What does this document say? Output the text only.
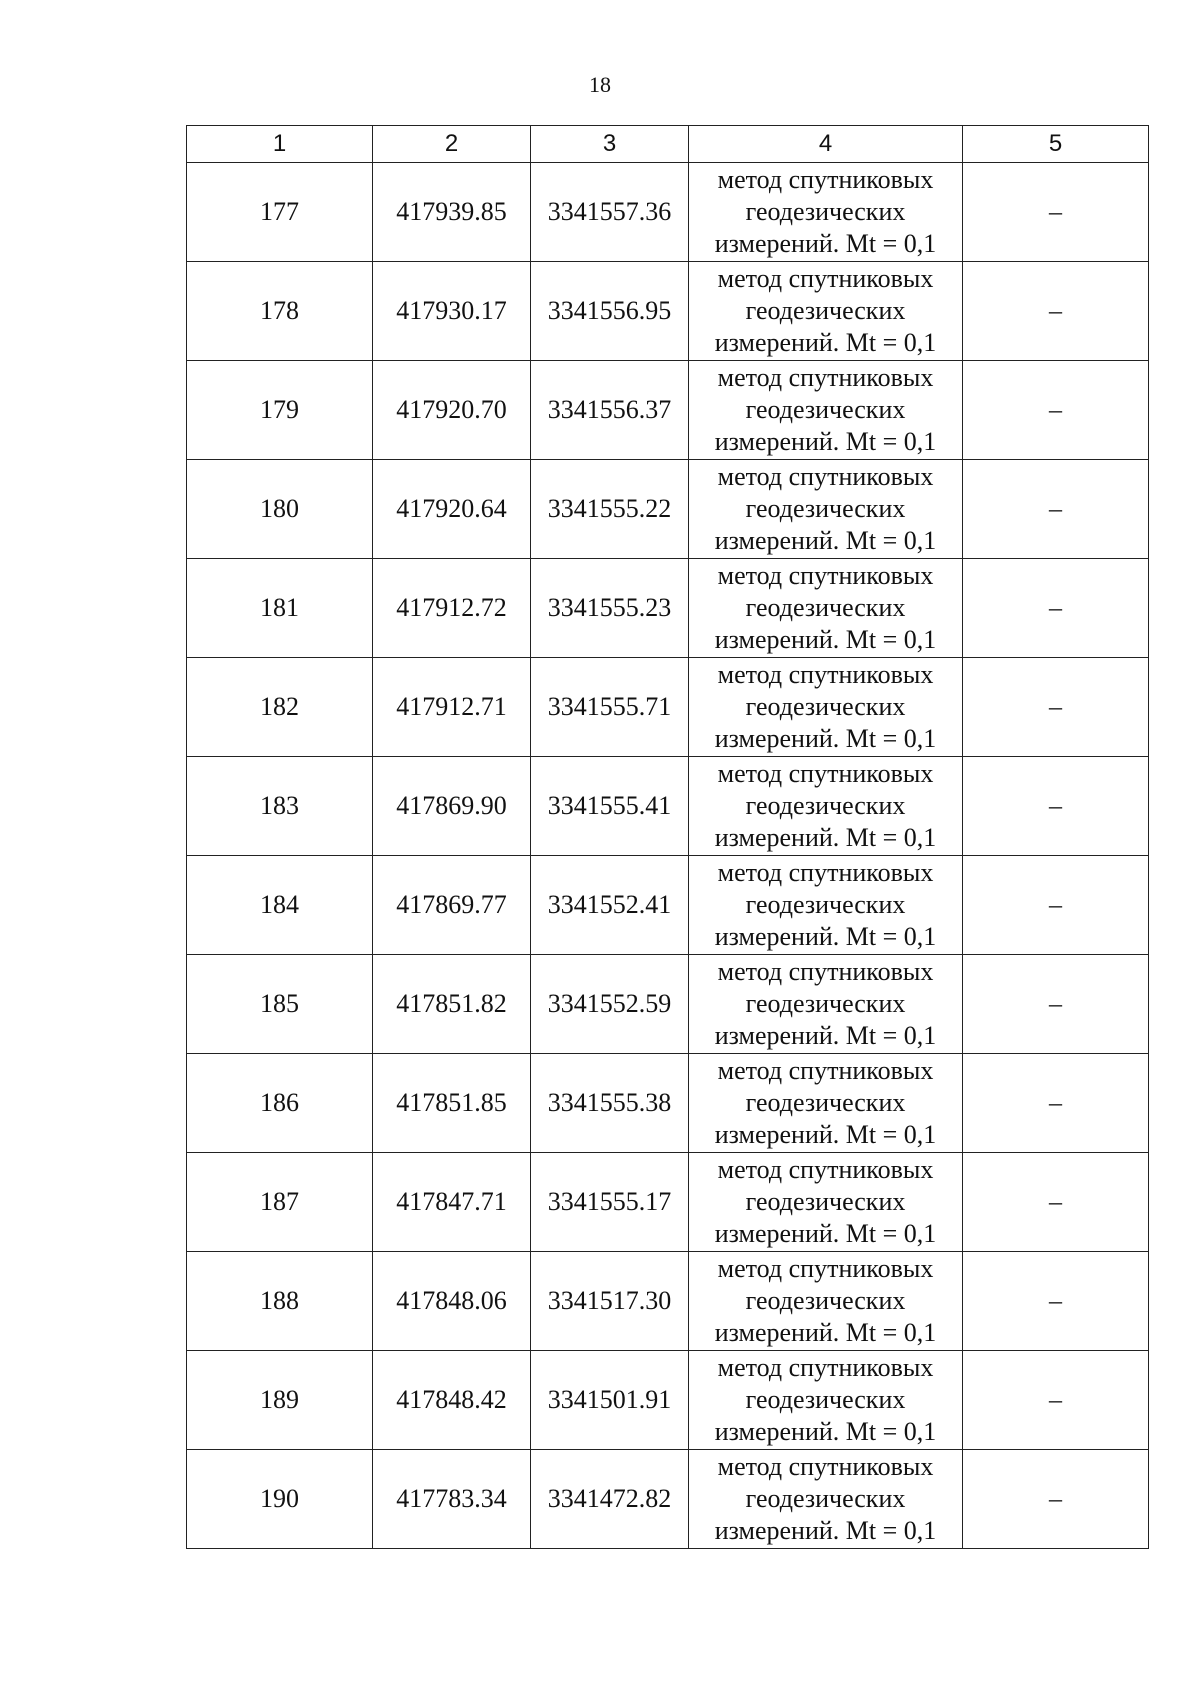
18
1	2	3	4	5
177	417939.85	3341557.36	метод спутниковых
геодезических
измерений. Mt = 0,1	–
178	417930.17	3341556.95	метод спутниковых
геодезических
измерений. Mt = 0,1	–
179	417920.70	3341556.37	метод спутниковых
геодезических
измерений. Mt = 0,1	–
180	417920.64	3341555.22	метод спутниковых
геодезических
измерений. Mt = 0,1	–
181	417912.72	3341555.23	метод спутниковых
геодезических
измерений. Mt = 0,1	–
182	417912.71	3341555.71	метод спутниковых
геодезических
измерений. Mt = 0,1	–
183	417869.90	3341555.41	метод спутниковых
геодезических
измерений. Mt = 0,1	–
184	417869.77	3341552.41	метод спутниковых
геодезических
измерений. Mt = 0,1	–
185	417851.82	3341552.59	метод спутниковых
геодезических
измерений. Mt = 0,1	–
186	417851.85	3341555.38	метод спутниковых
геодезических
измерений. Mt = 0,1	–
187	417847.71	3341555.17	метод спутниковых
геодезических
измерений. Mt = 0,1	–
188	417848.06	3341517.30	метод спутниковых
геодезических
измерений. Mt = 0,1	–
189	417848.42	3341501.91	метод спутниковых
геодезических
измерений. Mt = 0,1	–
190	417783.34	3341472.82	метод спутниковых
геодезических
измерений. Mt = 0,1	–
